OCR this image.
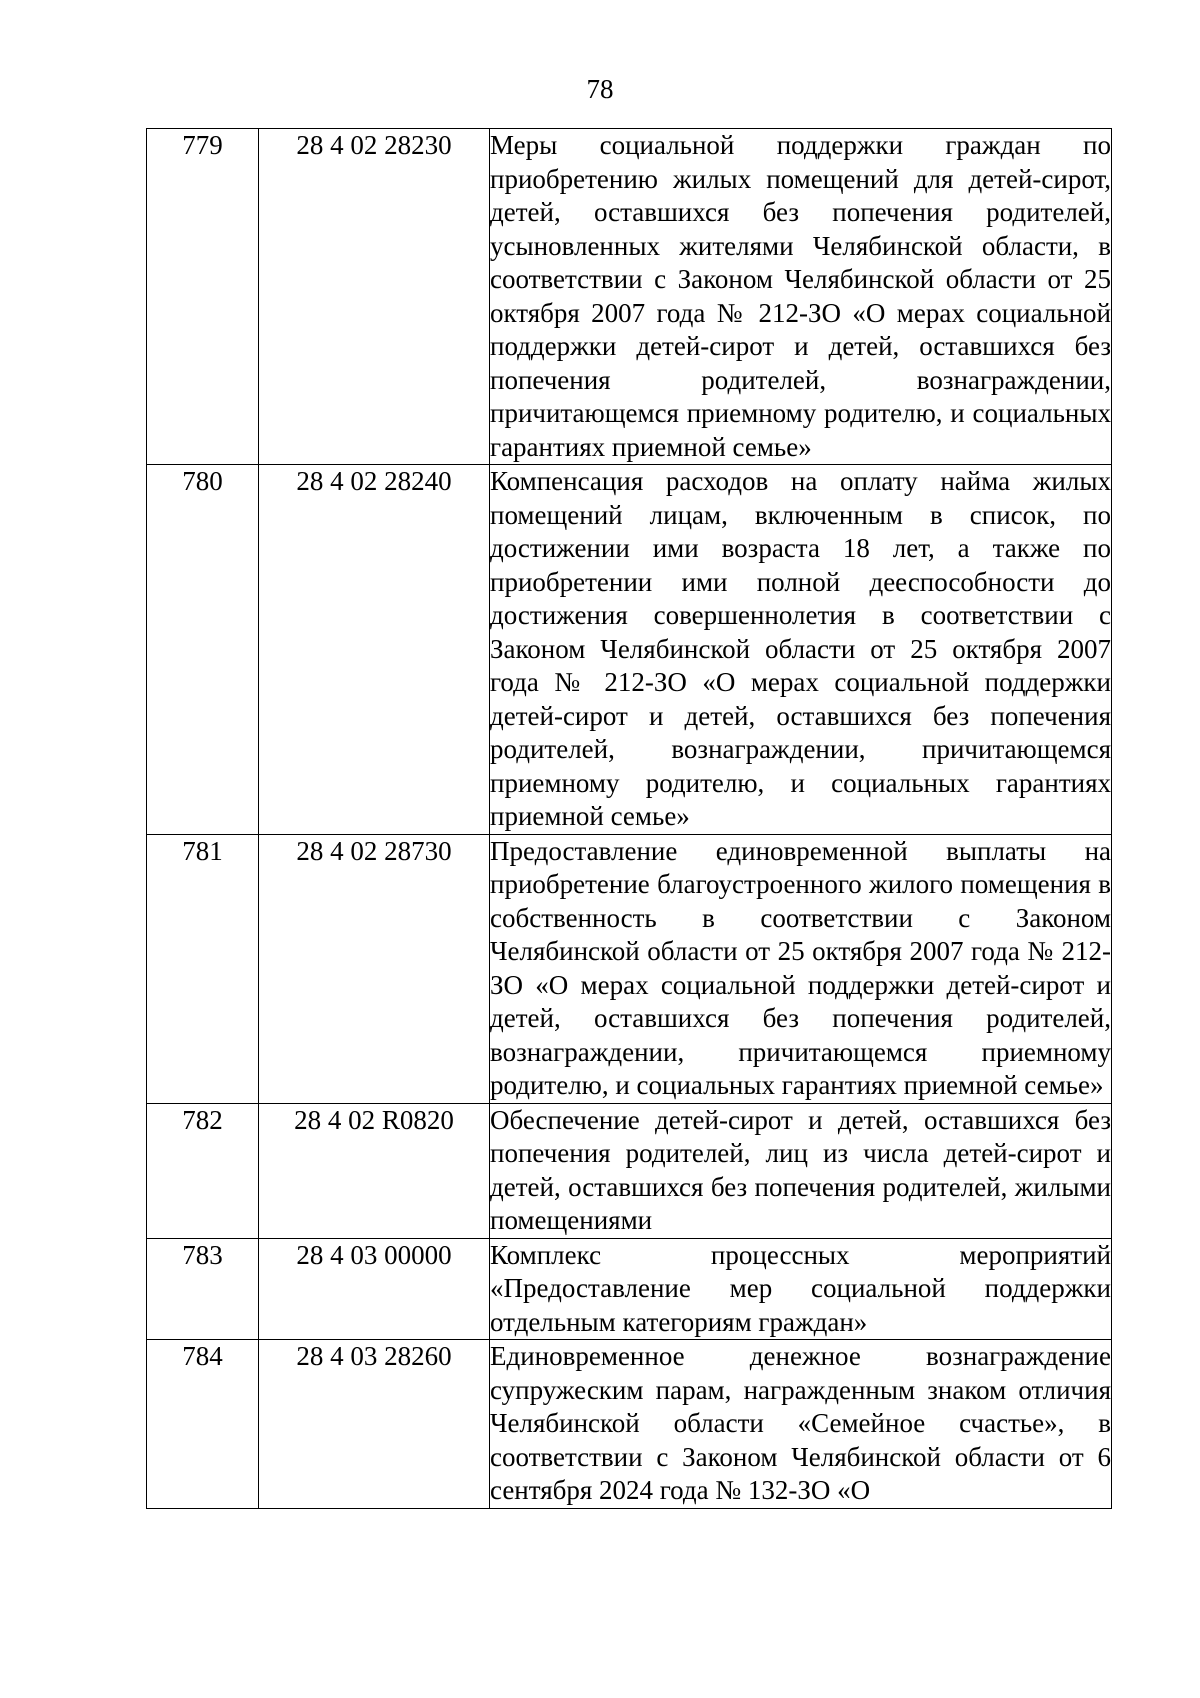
78
779	28 4 02 28230	Меры социальной поддержки граждан по приобретению жилых помещений для детей-сирот, детей, оставшихся без попечения родителей, усыновленных жителями Челябинской области, в соответствии с Законом Челябинской области от 25 октября 2007 года № 212-ЗО «О мерах социальной поддержки детей-сирот и детей, оставшихся без попечения родителей, вознаграждении, причитающемся приемному родителю, и социальных гарантиях приемной семье»
780	28 4 02 28240	Компенсация расходов на оплату найма жилых помещений лицам, включенным в список, по достижении ими возраста 18 лет, а также по приобретении ими полной дееспособности до достижения совершеннолетия в соответствии с Законом Челябинской области от 25 октября 2007 года № 212-ЗО «О мерах социальной поддержки детей-сирот и детей, оставшихся без попечения родителей, вознаграждении, причитающемся приемному родителю, и социальных гарантиях приемной семье»
781	28 4 02 28730	Предоставление единовременной выплаты на приобретение благоустроенного жилого помещения в собственность в соответствии с Законом Челябинской области от 25 октября 2007 года № 212-ЗО «О мерах социальной поддержки детей-сирот и детей, оставшихся без попечения родителей, вознаграждении, причитающемся приемному родителю, и социальных гарантиях приемной семье»
782	28 4 02 R0820	Обеспечение детей-сирот и детей, оставшихся без попечения родителей, лиц из числа детей-сирот и детей, оставшихся без попечения родителей, жилыми помещениями
783	28 4 03 00000	Комплекс процессных мероприятий «Предоставление мер социальной поддержки отдельным категориям граждан»
784	28 4 03 28260	Единовременное денежное вознаграждение супружеским парам, награжденным знаком отличия Челябинской области «Семейное счастье», в соответствии с Законом Челябинской области от 6 сентября 2024 года № 132-ЗО «О
